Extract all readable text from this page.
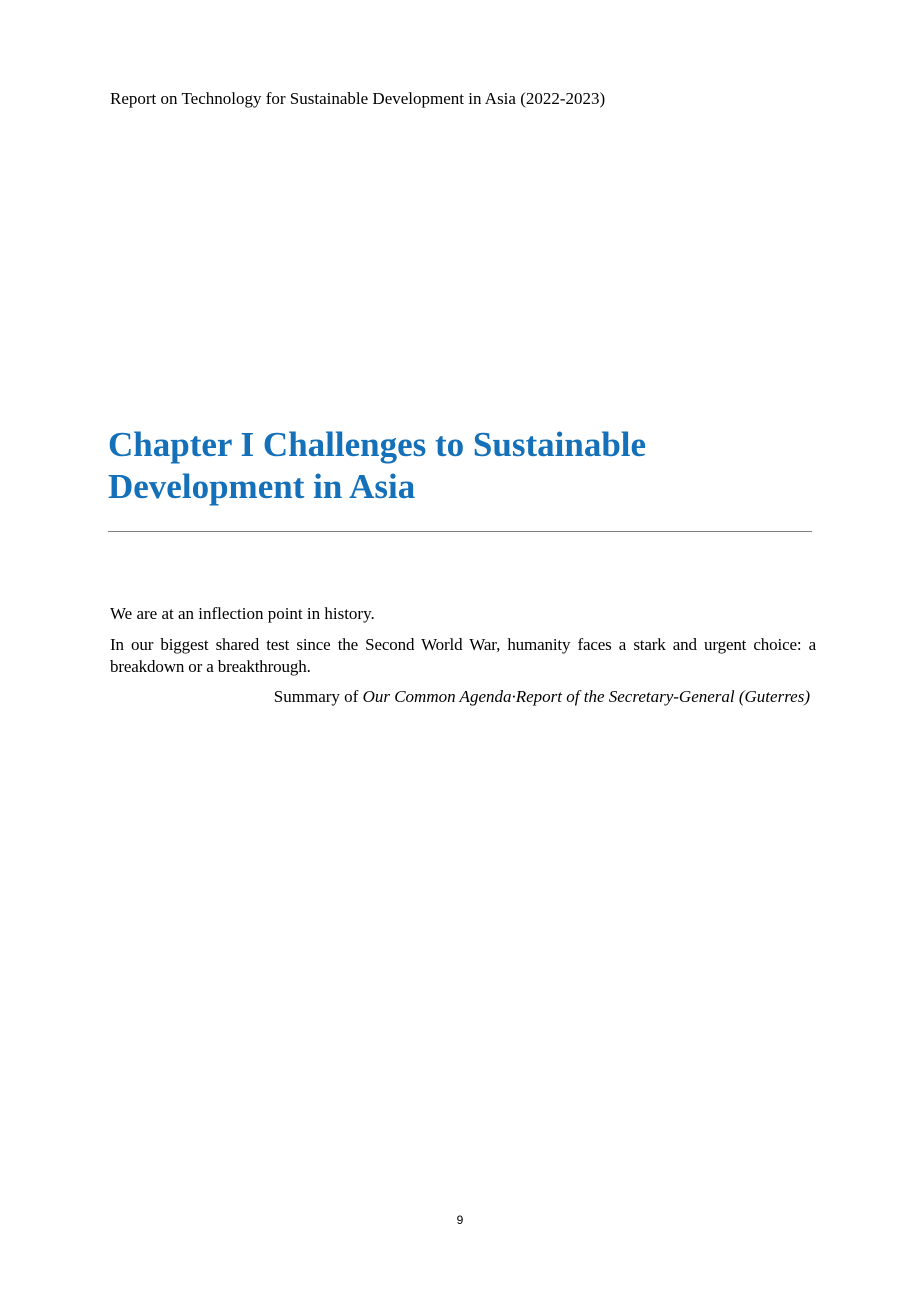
Report on Technology for Sustainable Development in Asia (2022-2023)
Chapter I Challenges to Sustainable Development in Asia
We are at an inflection point in history.
In our biggest shared test since the Second World War, humanity faces a stark and urgent choice: a breakdown or a breakthrough.
Summary of Our Common Agenda·Report of the Secretary-General (Guterres)
9
